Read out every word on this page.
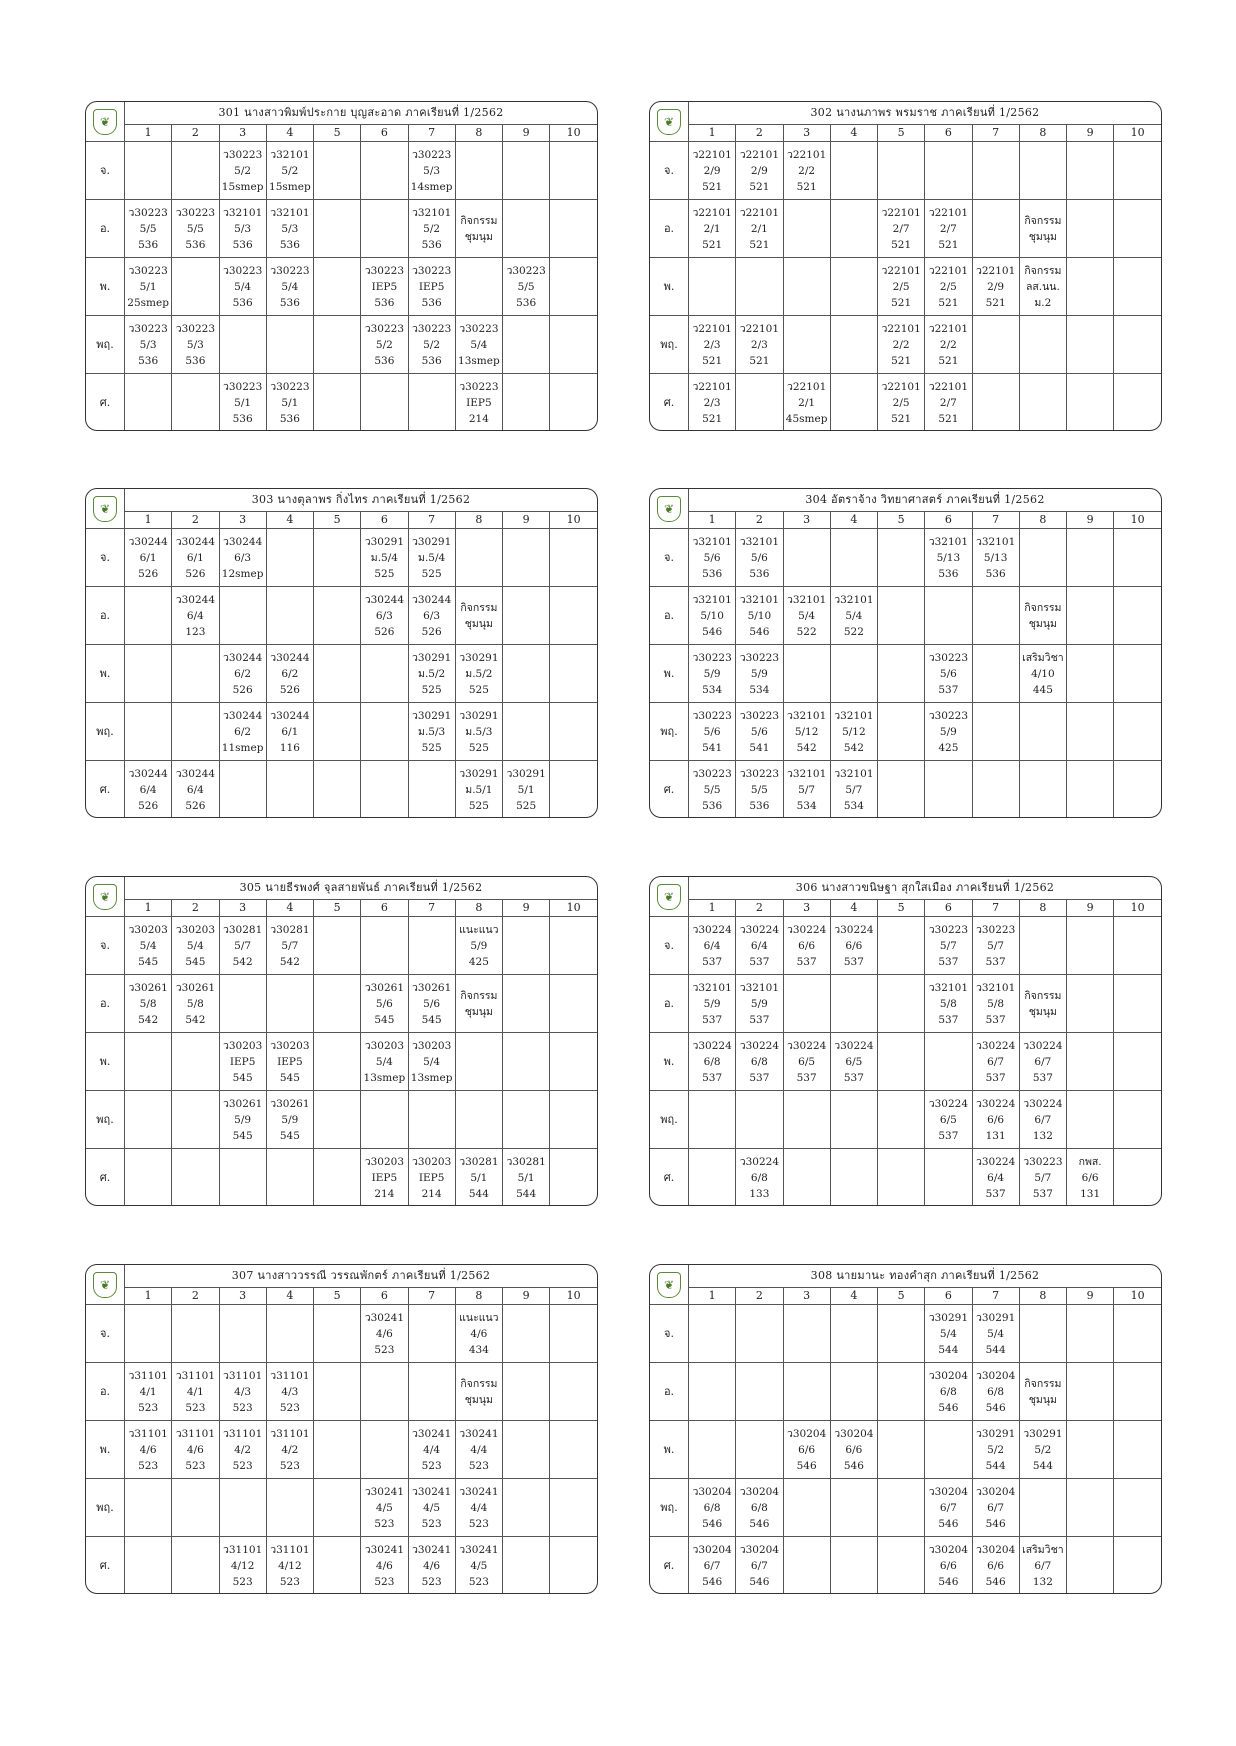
❦	301 นางสาวพิมพ์ประกาย บุญสะอาด ภาคเรียนที่ 1/2562									
	1	2	3	4	5	6	7	8	9	10
จ.			ว30223
5/2
15smep	ว32101
5/2
15smep			ว30223
5/3
14smep			

อ.	ว30223
5/5
536	ว30223
5/5
536	ว32101
5/3
536	ว32101
5/3
536			ว32101
5/2
536	กิจกรรม
ชุมนุม		

พ.	ว30223
5/1
25smep		ว30223
5/4
536	ว30223
5/4
536		ว30223
IEP5
536	ว30223
IEP5
536		ว30223
5/5
536	

พฤ.	ว30223
5/3
536	ว30223
5/3
536				ว30223
5/2
536	ว30223
5/2
536	ว30223
5/4
13smep		

ศ.			ว30223
5/1
536	ว30223
5/1
536				ว30223
IEP5
214		

❦	302 นางนภาพร พรมราช ภาคเรียนที่ 1/2562									
	1	2	3	4	5	6	7	8	9	10
จ.	ว22101
2/9
521	ว22101
2/9
521	ว22101
2/2
521							

อ.	ว22101
2/1
521	ว22101
2/1
521			ว22101
2/7
521	ว22101
2/7
521		กิจกรรม
ชุมนุม		

พ.					ว22101
2/5
521	ว22101
2/5
521	ว22101
2/9
521	กิจกรรม
ลส.นน.
ม.2		

พฤ.	ว22101
2/3
521	ว22101
2/3
521			ว22101
2/2
521	ว22101
2/2
521				

ศ.	ว22101
2/3
521		ว22101
2/1
45smep		ว22101
2/5
521	ว22101
2/7
521				

❦	303 นางตุลาพร กิ่งไทร ภาคเรียนที่ 1/2562									
	1	2	3	4	5	6	7	8	9	10
จ.	ว30244
6/1
526	ว30244
6/1
526	ว30244
6/3
12smep			ว30291
ม.5/4
525	ว30291
ม.5/4
525			

อ.		ว30244
6/4
123				ว30244
6/3
526	ว30244
6/3
526	กิจกรรม
ชุมนุม		

พ.			ว30244
6/2
526	ว30244
6/2
526			ว30291
ม.5/2
525	ว30291
ม.5/2
525		

พฤ.			ว30244
6/2
11smep	ว30244
6/1
116			ว30291
ม.5/3
525	ว30291
ม.5/3
525		

ศ.	ว30244
6/4
526	ว30244
6/4
526						ว30291
ม.5/1
525	ว30291
5/1
525	

❦	304 อัตราจ้าง วิทยาศาสตร์ ภาคเรียนที่ 1/2562									
	1	2	3	4	5	6	7	8	9	10
จ.	ว32101
5/6
536	ว32101
5/6
536				ว32101
5/13
536	ว32101
5/13
536			

อ.	ว32101
5/10
546	ว32101
5/10
546	ว32101
5/4
522	ว32101
5/4
522				กิจกรรม
ชุมนุม		

พ.	ว30223
5/9
534	ว30223
5/9
534				ว30223
5/6
537		เสริมวิชา
4/10
445		

พฤ.	ว30223
5/6
541	ว30223
5/6
541	ว32101
5/12
542	ว32101
5/12
542		ว30223
5/9
425				

ศ.	ว30223
5/5
536	ว30223
5/5
536	ว32101
5/7
534	ว32101
5/7
534						

❦	305 นายธีรพงศ์ จุลสายพันธ์ ภาคเรียนที่ 1/2562									
	1	2	3	4	5	6	7	8	9	10
จ.	ว30203
5/4
545	ว30203
5/4
545	ว30281
5/7
542	ว30281
5/7
542				แนะแนว
5/9
425		

อ.	ว30261
5/8
542	ว30261
5/8
542				ว30261
5/6
545	ว30261
5/6
545	กิจกรรม
ชุมนุม		

พ.			ว30203
IEP5
545	ว30203
IEP5
545		ว30203
5/4
13smep	ว30203
5/4
13smep			

พฤ.			ว30261
5/9
545	ว30261
5/9
545						

ศ.						ว30203
IEP5
214	ว30203
IEP5
214	ว30281
5/1
544	ว30281
5/1
544	

❦	306 นางสาวขนิษฐา สุกใสเมือง ภาคเรียนที่ 1/2562									
	1	2	3	4	5	6	7	8	9	10
จ.	ว30224
6/4
537	ว30224
6/4
537	ว30224
6/6
537	ว30224
6/6
537		ว30223
5/7
537	ว30223
5/7
537			

อ.	ว32101
5/9
537	ว32101
5/9
537				ว32101
5/8
537	ว32101
5/8
537	กิจกรรม
ชุมนุม		

พ.	ว30224
6/8
537	ว30224
6/8
537	ว30224
6/5
537	ว30224
6/5
537			ว30224
6/7
537	ว30224
6/7
537		

พฤ.						ว30224
6/5
537	ว30224
6/6
131	ว30224
6/7
132		

ศ.		ว30224
6/8
133					ว30224
6/4
537	ว30223
5/7
537	กพส.
6/6
131	

❦	307 นางสาววรรณี วรรณพักตร์ ภาคเรียนที่ 1/2562									
	1	2	3	4	5	6	7	8	9	10
จ.						ว30241
4/6
523		แนะแนว
4/6
434		

อ.	ว31101
4/1
523	ว31101
4/1
523	ว31101
4/3
523	ว31101
4/3
523				กิจกรรม
ชุมนุม		

พ.	ว31101
4/6
523	ว31101
4/6
523	ว31101
4/2
523	ว31101
4/2
523			ว30241
4/4
523	ว30241
4/4
523		

พฤ.						ว30241
4/5
523	ว30241
4/5
523	ว30241
4/4
523		

ศ.			ว31101
4/12
523	ว31101
4/12
523		ว30241
4/6
523	ว30241
4/6
523	ว30241
4/5
523		

❦	308 นายมานะ ทองคำสุก ภาคเรียนที่ 1/2562									
	1	2	3	4	5	6	7	8	9	10
จ.						ว30291
5/4
544	ว30291
5/4
544			

อ.						ว30204
6/8
546	ว30204
6/8
546	กิจกรรม
ชุมนุม		

พ.			ว30204
6/6
546	ว30204
6/6
546			ว30291
5/2
544	ว30291
5/2
544		

พฤ.	ว30204
6/8
546	ว30204
6/8
546				ว30204
6/7
546	ว30204
6/7
546			

ศ.	ว30204
6/7
546	ว30204
6/7
546				ว30204
6/6
546	ว30204
6/6
546	เสริมวิชา
6/7
132		
